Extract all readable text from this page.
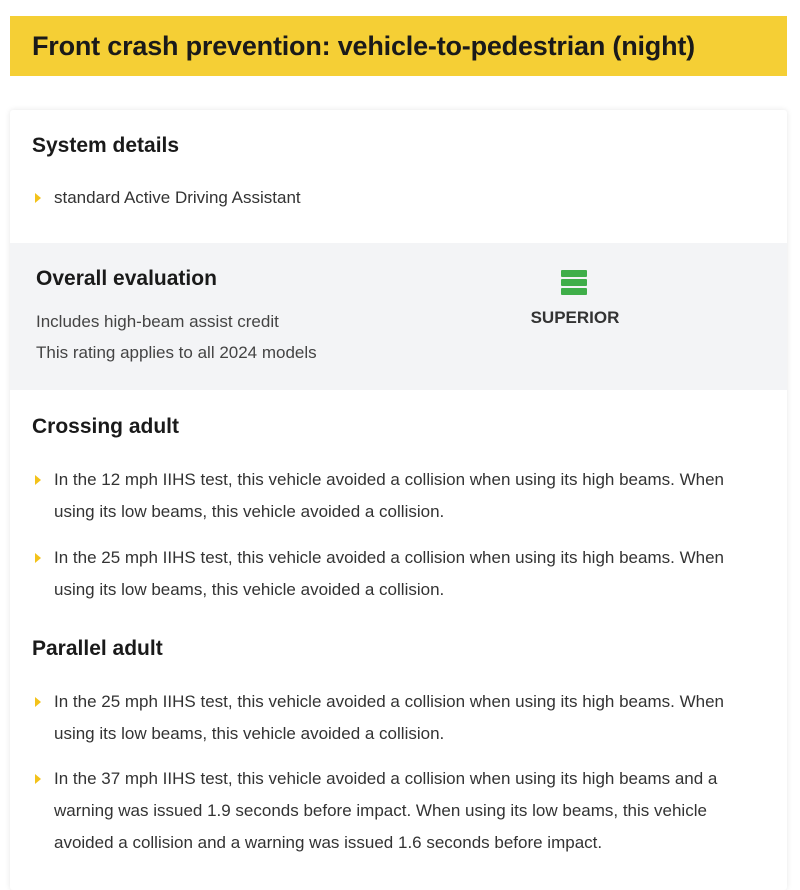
Front crash prevention: vehicle-to-pedestrian (night)
System details
standard Active Driving Assistant
Overall evaluation
Includes high-beam assist credit
This rating applies to all 2024 models
SUPERIOR
Crossing adult
In the 12 mph IIHS test, this vehicle avoided a collision when using its high beams. When using its low beams, this vehicle avoided a collision.
In the 25 mph IIHS test, this vehicle avoided a collision when using its high beams. When using its low beams, this vehicle avoided a collision.
Parallel adult
In the 25 mph IIHS test, this vehicle avoided a collision when using its high beams. When using its low beams, this vehicle avoided a collision.
In the 37 mph IIHS test, this vehicle avoided a collision when using its high beams and a warning was issued 1.9 seconds before impact. When using its low beams, this vehicle avoided a collision and a warning was issued 1.6 seconds before impact.
